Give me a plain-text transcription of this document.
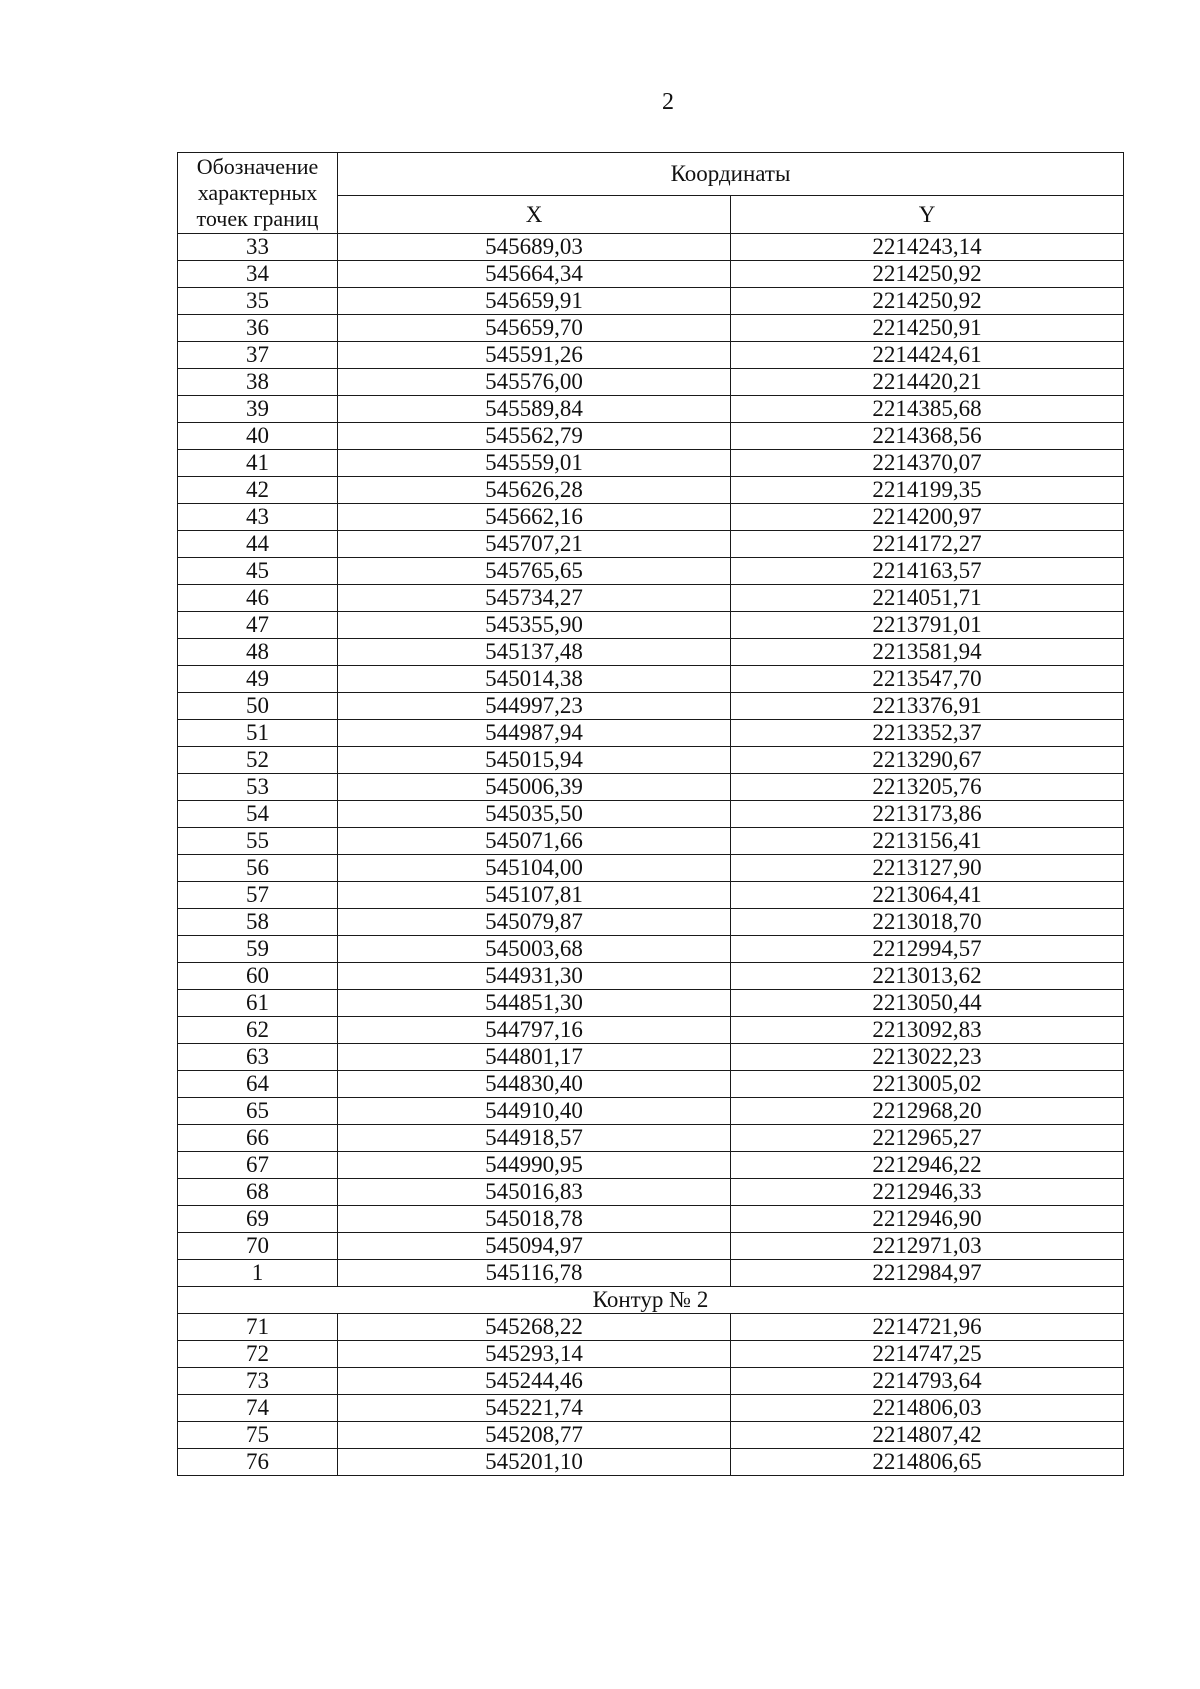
2
Обозначение характерных точек границ	Координаты	
	X	Y
33	545689,03	2214243,14
34	545664,34	2214250,92
35	545659,91	2214250,92
36	545659,70	2214250,91
37	545591,26	2214424,61
38	545576,00	2214420,21
39	545589,84	2214385,68
40	545562,79	2214368,56
41	545559,01	2214370,07
42	545626,28	2214199,35
43	545662,16	2214200,97
44	545707,21	2214172,27
45	545765,65	2214163,57
46	545734,27	2214051,71
47	545355,90	2213791,01
48	545137,48	2213581,94
49	545014,38	2213547,70
50	544997,23	2213376,91
51	544987,94	2213352,37
52	545015,94	2213290,67
53	545006,39	2213205,76
54	545035,50	2213173,86
55	545071,66	2213156,41
56	545104,00	2213127,90
57	545107,81	2213064,41
58	545079,87	2213018,70
59	545003,68	2212994,57
60	544931,30	2213013,62
61	544851,30	2213050,44
62	544797,16	2213092,83
63	544801,17	2213022,23
64	544830,40	2213005,02
65	544910,40	2212968,20
66	544918,57	2212965,27
67	544990,95	2212946,22
68	545016,83	2212946,33
69	545018,78	2212946,90
70	545094,97	2212971,03
1	545116,78	2212984,97
Контур № 2		
71	545268,22	2214721,96
72	545293,14	2214747,25
73	545244,46	2214793,64
74	545221,74	2214806,03
75	545208,77	2214807,42
76	545201,10	2214806,65
